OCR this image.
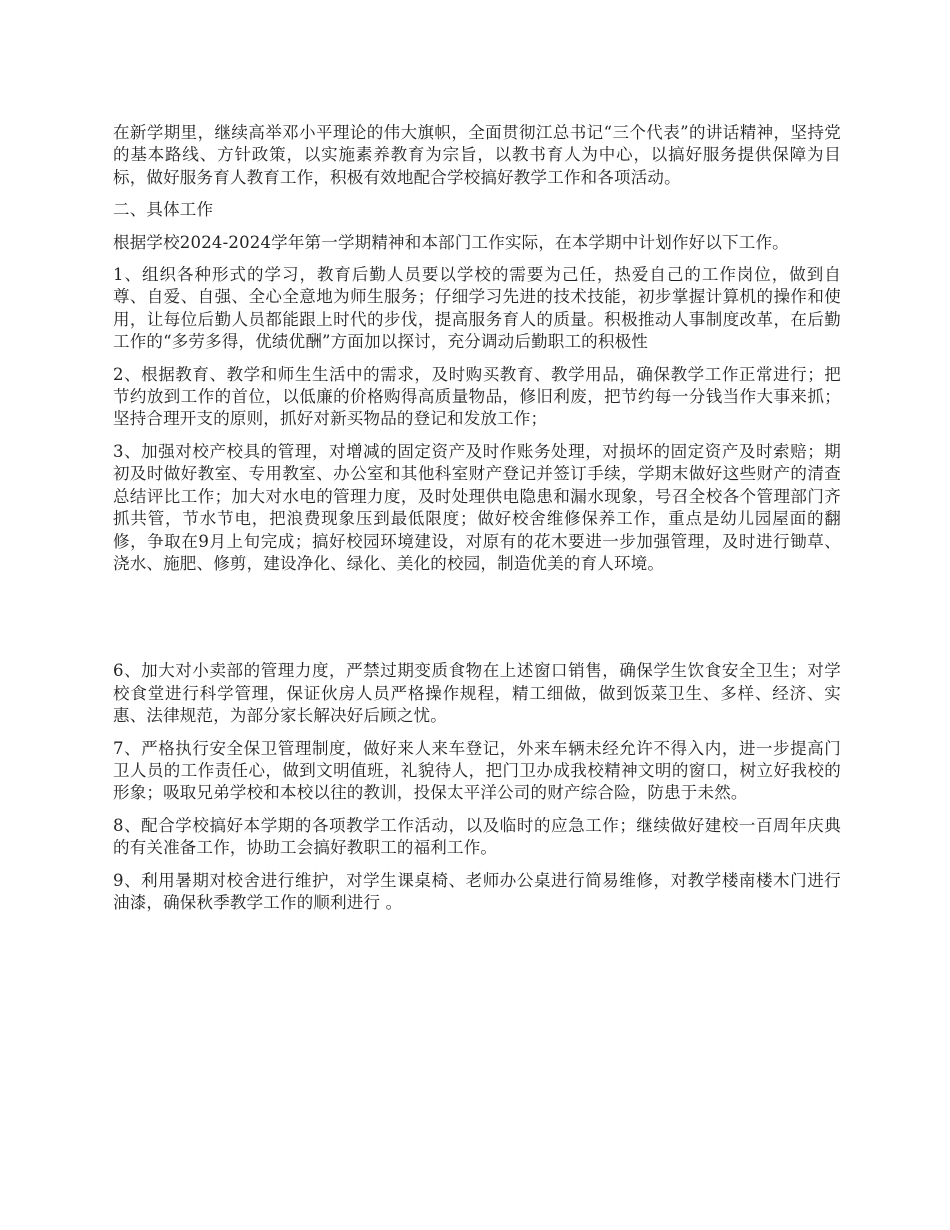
在新学期里，继续高举邓小平理论的伟大旗帜，全面贯彻江总书记“三个代表”的讲话精神，坚持党的基本路线、方针政策，以实施素养教育为宗旨，以教书育人为中心，以搞好服务提供保障为目标，做好服务育人教育工作，积极有效地配合学校搞好教学工作和各项活动。

二、具体工作

根据学校2024-2024学年第一学期精神和本部门工作实际，在本学期中计划作好以下工作。

1、组织各种形式的学习，教育后勤人员要以学校的需要为己任，热爱自己的工作岗位，做到自尊、自爱、自强、全心全意地为师生服务；仔细学习先进的技术技能，初步掌握计算机的操作和使用，让每位后勤人员都能跟上时代的步伐，提高服务育人的质量。积极推动人事制度改革，在后勤工作的“多劳多得，优绩优酬”方面加以探讨，充分调动后勤职工的积极性

2、根据教育、教学和师生生活中的需求，及时购买教育、教学用品，确保教学工作正常进行；把节约放到工作的首位，以低廉的价格购得高质量物品，修旧利废，把节约每一分钱当作大事来抓；坚持合理开支的原则，抓好对新买物品的登记和发放工作；

3、加强对校产校具的管理，对增减的固定资产及时作账务处理，对损坏的固定资产及时索赔；期初及时做好教室、专用教室、办公室和其他科室财产登记并签订手续，学期末做好这些财产的清查总结评比工作；加大对水电的管理力度，及时处理供电隐患和漏水现象，号召全校各个管理部门齐抓共管，节水节电，把浪费现象压到最低限度；做好校舍维修保养工作，重点是幼儿园屋面的翻修，争取在9月上旬完成；搞好校园环境建设，对原有的花木要进一步加强管理，及时进行锄草、浇水、施肥、修剪，建设净化、绿化、美化的校园，制造优美的育人环境。

6、加大对小卖部的管理力度，严禁过期变质食物在上述窗口销售，确保学生饮食安全卫生；对学校食堂进行科学管理，保证伙房人员严格操作规程，精工细做，做到饭菜卫生、多样、经济、实惠、法律规范，为部分家长解决好后顾之忧。

7、严格执行安全保卫管理制度，做好来人来车登记，外来车辆未经允许不得入内，进一步提高门卫人员的工作责任心，做到文明值班，礼貌待人，把门卫办成我校精神文明的窗口，树立好我校的形象；吸取兄弟学校和本校以往的教训，投保太平洋公司的财产综合险，防患于未然。

8、配合学校搞好本学期的各项教学工作活动，以及临时的应急工作；继续做好建校一百周年庆典的有关准备工作，协助工会搞好教职工的福利工作。

9、利用暑期对校舍进行维护，对学生课桌椅、老师办公桌进行简易维修，对教学楼南楼木门进行油漆，确保秋季教学工作的顺利进行 。
